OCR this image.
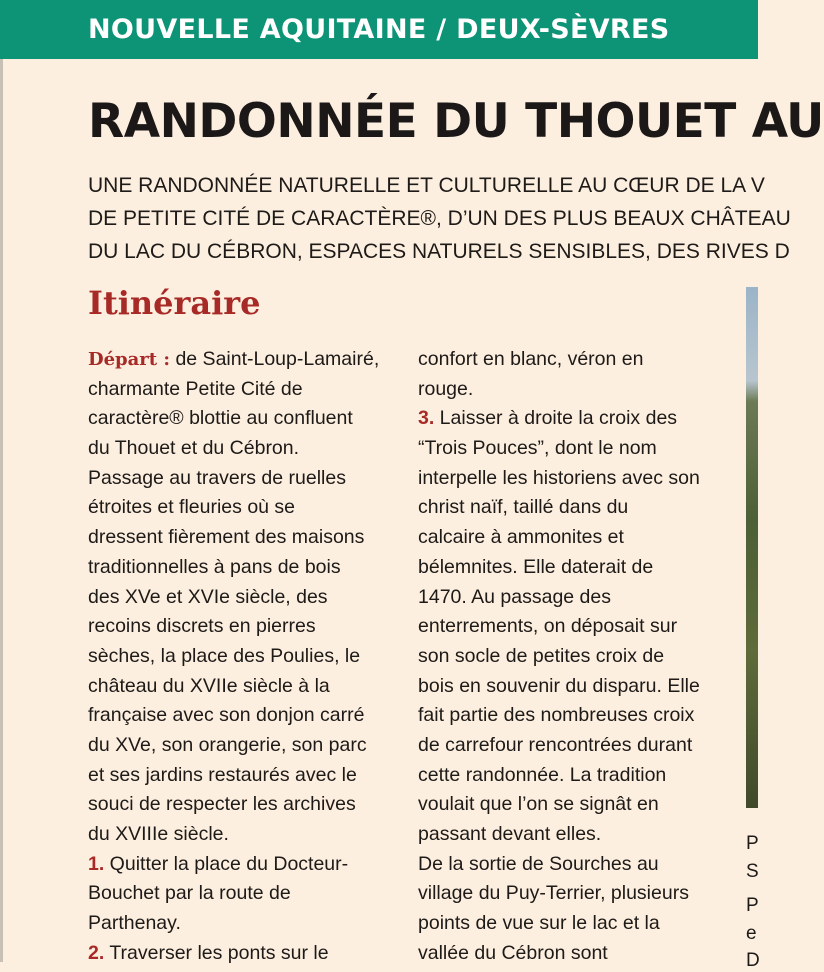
NOUVELLE AQUITAINE / DEUX-SÈVRES
RANDONNÉE DU THOUET AU
UNE RANDONNÉE NATURELLE ET CULTURELLE AU CŒUR DE LA V
DE PETITE CITÉ DE CARACTÈRE®, D’UN DES PLUS BEAUX CHÂTEAU
DU LAC DU CÉBRON, ESPACES NATURELS SENSIBLES, DES RIVES D
Itinéraire
Départ : de Saint-Loup-Lamairé,
charmante Petite Cité de
caractère® blottie au confluent
du Thouet et du Cébron.
Passage au travers de ruelles
étroites et fleuries où se
dressent fièrement des maisons
traditionnelles à pans de bois
des XVe et XVIe siècle, des
recoins discrets en pierres
sèches, la place des Poulies, le
château du XVIIe siècle à la
française avec son donjon carré
du XVe, son orangerie, son parc
et ses jardins restaurés avec le
souci de respecter les archives
du XVIIIe siècle.
1. Quitter la place du Docteur-
Bouchet par la route de
Parthenay.
2. Traverser les ponts sur le
confort en blanc, véron en
rouge.
3. Laisser à droite la croix des
“Trois Pouces”, dont le nom
interpelle les historiens avec son
christ naïf, taillé dans du
calcaire à ammonites et
bélemnites. Elle daterait de
1470. Au passage des
enterrements, on déposait sur
son socle de petites croix de
bois en souvenir du disparu. Elle
fait partie des nombreuses croix
de carrefour rencontrées durant
cette randonnée. La tradition
voulait que l’on se signât en
passant devant elles.
De la sortie de Sourches au
village du Puy-Terrier, plusieurs
points de vue sur le lac et la
vallée du Cébron sont
P
S
P
e
D
